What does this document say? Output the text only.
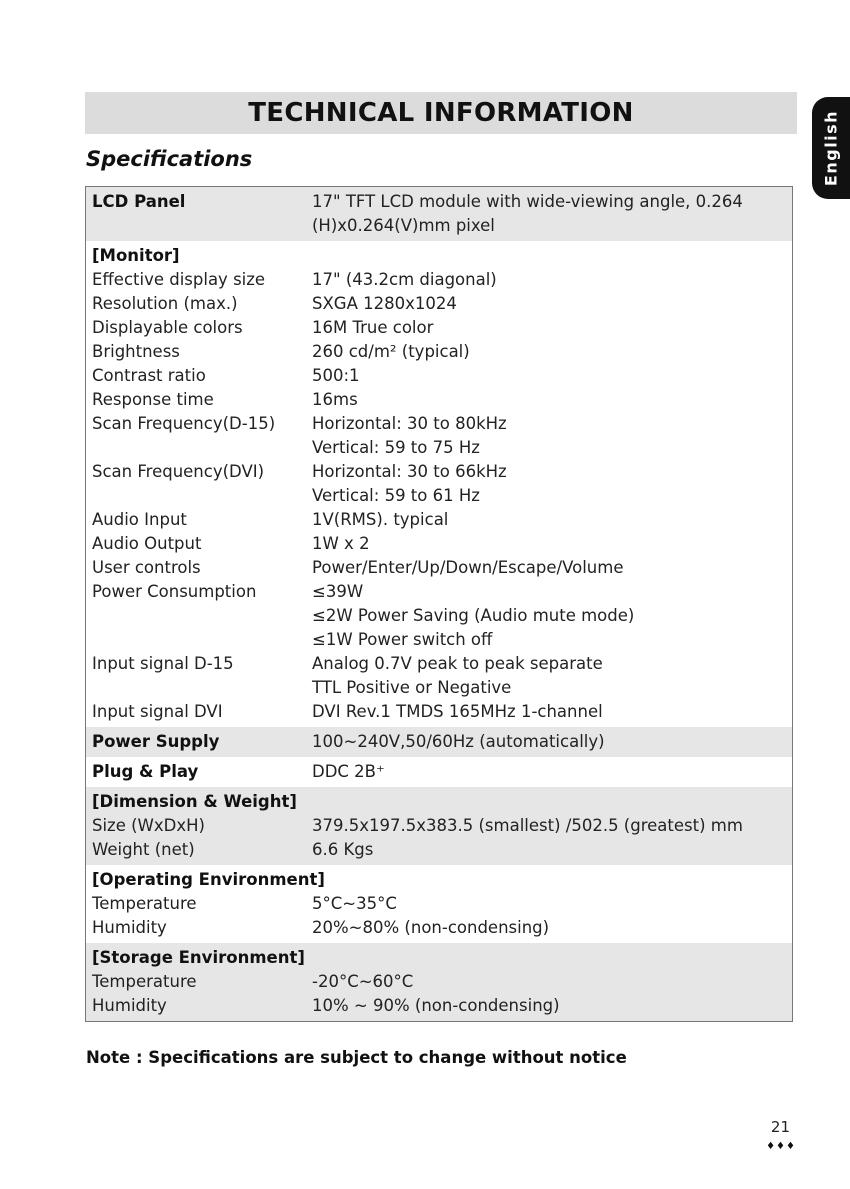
TECHNICAL INFORMATION	English
Specifications
LCD Panel	17" TFT LCD module with wide-viewing angle, 0.264 (H)x0.264(V)mm pixel
[Monitor]
Effective display size	17" (43.2cm diagonal)
Resolution (max.)	SXGA 1280x1024
Displayable colors	16M True color
Brightness	260 cd/m² (typical)
Contrast ratio	500:1
Response time	16ms
Scan Frequency(D-15)	Horizontal: 30 to 80kHz
Vertical: 59 to 75 Hz
Scan Frequency(DVI)	Horizontal: 30 to 66kHz
Vertical: 59 to 61 Hz
Audio Input	1V(RMS). typical
Audio Output	1W x 2
User controls	Power/Enter/Up/Down/Escape/Volume
Power Consumption	≤39W
≤2W Power Saving (Audio mute mode)
≤1W Power switch off
Input signal D-15	Analog 0.7V peak to peak separate
TTL Positive or Negative
Input signal DVI	DVI Rev.1 TMDS 165MHz 1-channel
Power Supply	100~240V,50/60Hz (automatically)
Plug & Play	DDC 2B⁺
[Dimension & Weight]
Size (WxDxH)	379.5x197.5x383.5 (smallest) /502.5 (greatest) mm
Weight (net)	6.6 Kgs
[Operating Environment]
Temperature	5°C~35°C
Humidity	20%~80% (non-condensing)
[Storage Environment]
Temperature	-20°C~60°C
Humidity	10% ~ 90% (non-condensing)

Note : Specifications are subject to change without notice

21
♦♦♦
